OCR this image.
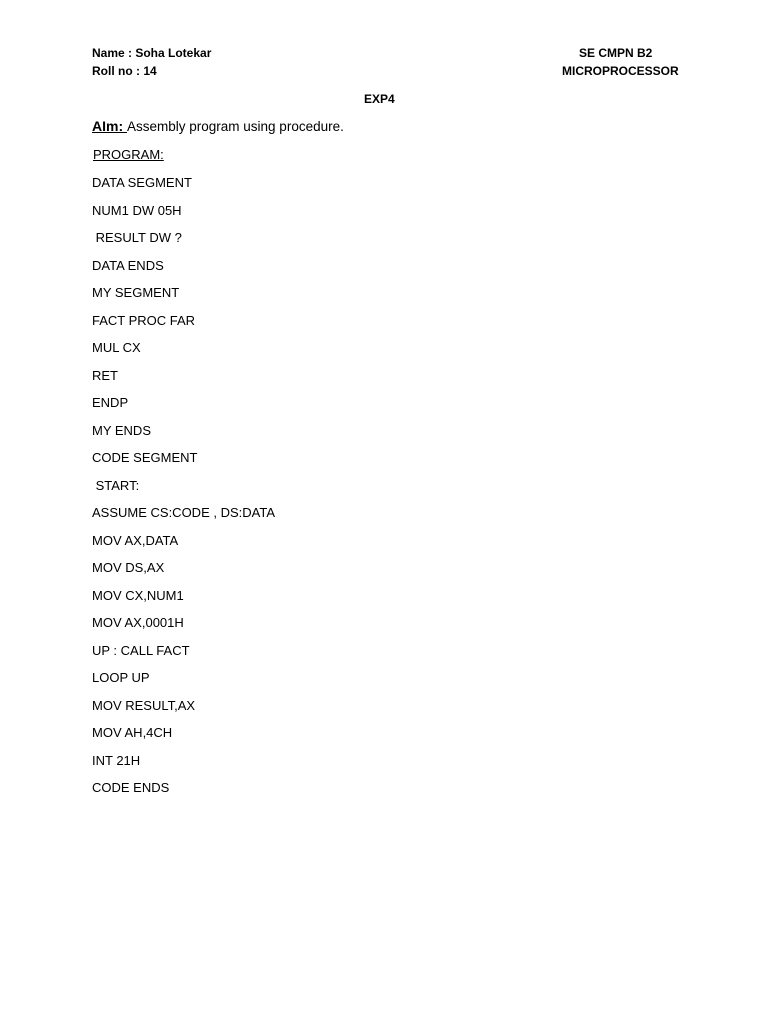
Name : Soha Lotekar
Roll no : 14
SE CMPN B2
MICROPROCESSOR
EXP4
AIm: Assembly program using procedure.
PROGRAM:
DATA SEGMENT
NUM1 DW 05H
RESULT DW ?
DATA ENDS
MY SEGMENT
FACT PROC FAR
MUL CX
RET
ENDP
MY ENDS
CODE SEGMENT
START:
ASSUME CS:CODE , DS:DATA
MOV AX,DATA
MOV DS,AX
MOV CX,NUM1
MOV AX,0001H
UP : CALL FACT
LOOP UP
MOV RESULT,AX
MOV AH,4CH
INT 21H
CODE ENDS
